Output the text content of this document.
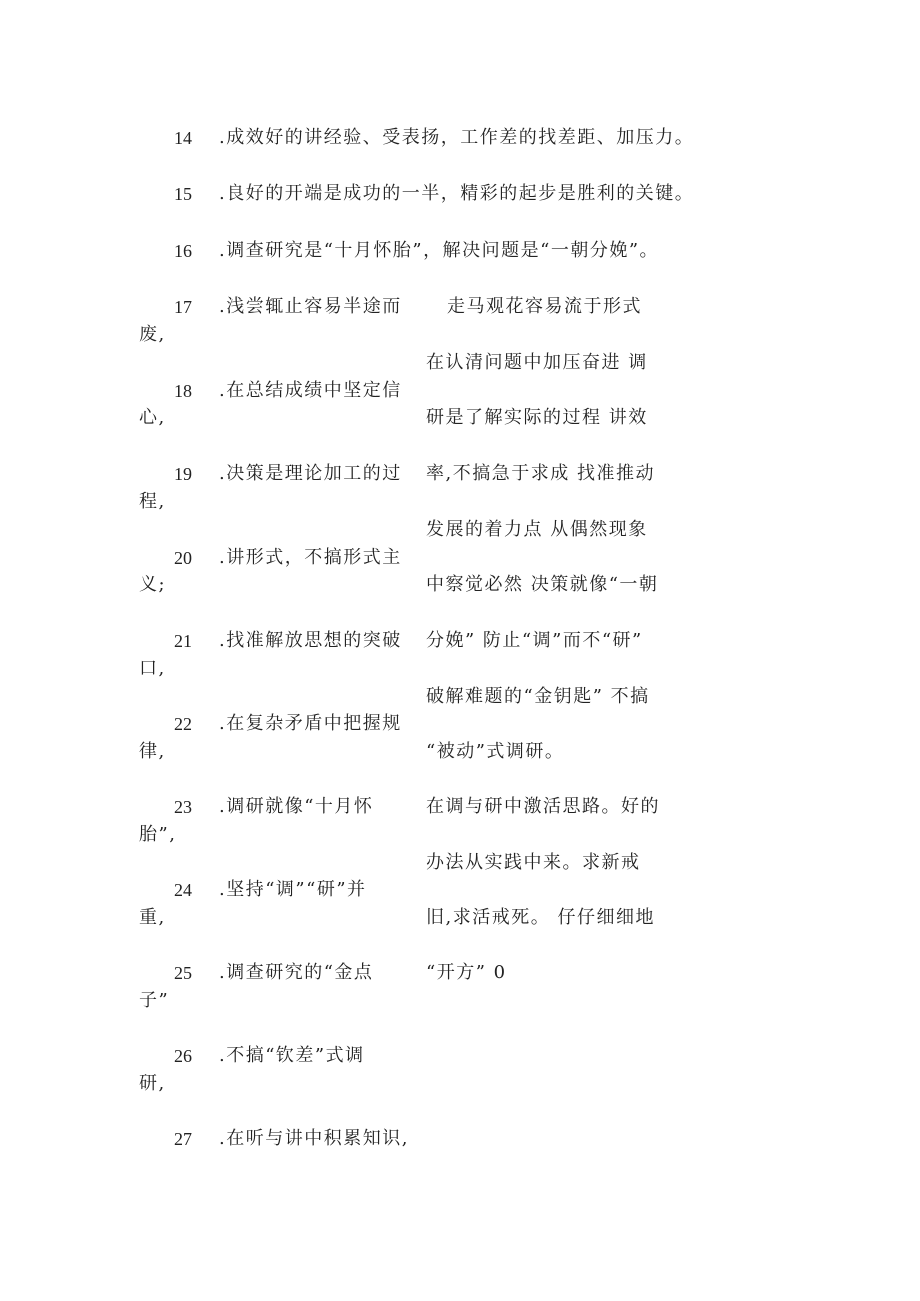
14 .成效好的讲经验、受表扬，工作差的找差距、加压力。
15 .良好的开端是成功的一半，精彩的起步是胜利的关键。
16 .调查研究是“十月怀胎”，解决问题是“一朝分娩”。
17 .浅尝辄止容易半途而
废,
18 .在总结成绩中坚定信
心,
19 .决策是理论加工的过
程,
20 .讲形式，不搞形式主
义;
21 .找准解放思想的突破
口,
22 .在复杂矛盾中把握规
律,
23 .调研就像“十月怀
胎”,
24 .坚持“调”“研”并
重,
25 .调查研究的“金点
子”
26 .不搞“钦差”式调
研,
27 .在听与讲中积累知识,
走马观花容易流于形式
在认清问题中加压奋进 调
研是了解实际的过程 讲效
率,不搞急于求成 找准推动
发展的着力点 从偶然现象
中察觉必然 决策就像“一朝
分娩” 防止“调”而不“研”
破解难题的“金钥匙” 不搞
“被动”式调研。
在调与研中激活思路。好的
办法从实践中来。求新戒
旧,求活戒死。 仔仔细细地
“开方” 0
